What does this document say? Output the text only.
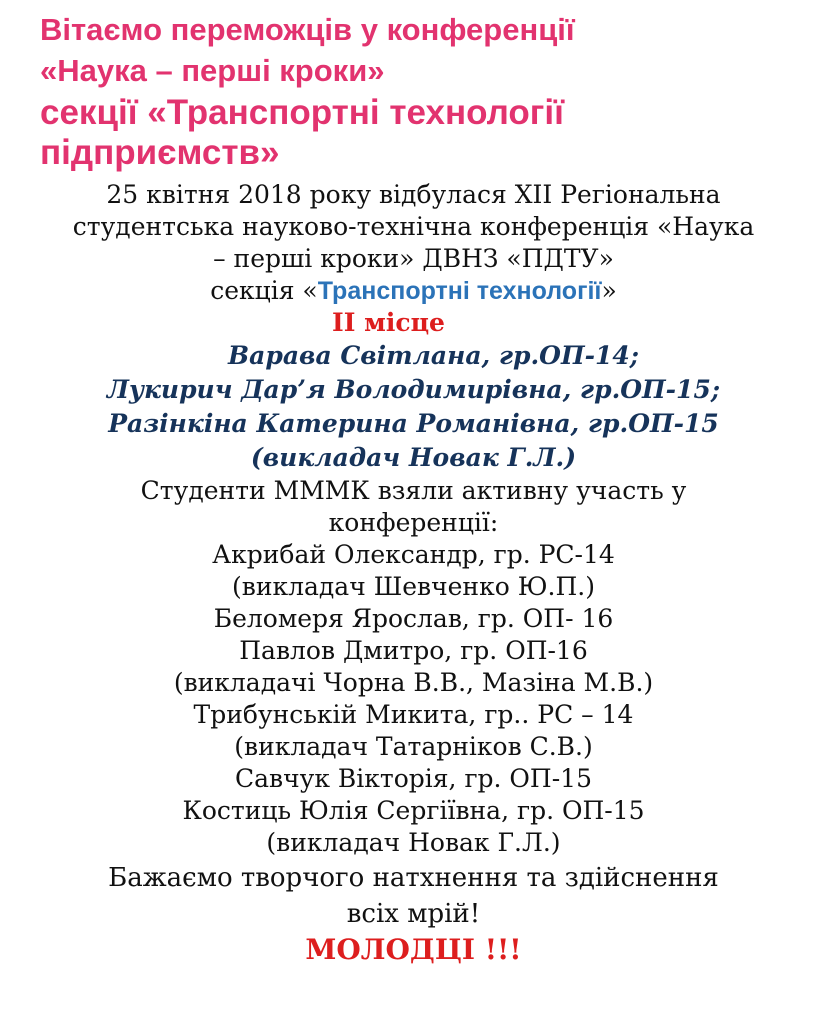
Вітаємо переможців у конференції
«Наука – перші кроки»
секції «Транспортні технології
підприємств»
25 квітня 2018 року відбулася XII Регіональна
студентська науково-технічна конференція «Наука
– перші кроки» ДВНЗ «ПДТУ»
секція «Транспортні технології»
ІІ місце
Варава Світлана, гр.ОП-14;
Лукирич Дар’я Володимирівна, гр.ОП-15;
Разінкіна Катерина Романівна, гр.ОП-15
(викладач Новак Г.Л.)
Студенти МММК взяли активну участь у
конференції:
Акрибай Олександр, гр. РС-14
(викладач Шевченко Ю.П.)
Беломеря Ярослав, гр. ОП- 16
Павлов Дмитро, гр. ОП-16
(викладачі Чорна В.В., Мазіна М.В.)
Трибунській Микита, гр.. РС – 14
(викладач Татарніков С.В.)
Савчук Вікторія, гр. ОП-15
Костиць Юлія Сергіївна, гр. ОП-15
(викладач Новак Г.Л.)
Бажаємо творчого натхнення та здійснення
всіх мрій!
МОЛОДЦІ !!!
